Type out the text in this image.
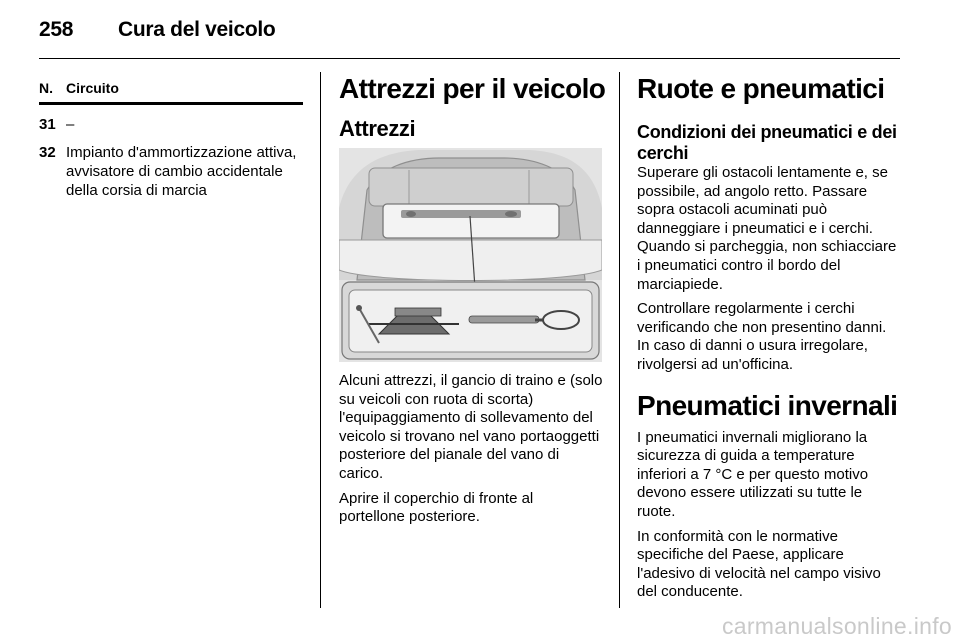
258 Cura del veicolo
N. Circuito
31 –
32 Impianto d'ammortizzazione attiva, avvisatore di cambio accidentale della corsia di marcia
Attrezzi per il veicolo
Attrezzi

Alcuni attrezzi, il gancio di traino e (solo su veicoli con ruota di scorta) l'equipaggiamento di sollevamento del veicolo si trovano nel vano portaoggetti posteriore del pianale del vano di carico.

Aprire il coperchio di fronte al portellone posteriore.

Ruote e pneumatici
Condizioni dei pneumatici e dei cerchi

Superare gli ostacoli lentamente e, se possibile, ad angolo retto. Passare sopra ostacoli acuminati può danneggiare i pneumatici e i cerchi. Quando si parcheggia, non schiacciare i pneumatici contro il bordo del marciapiede.

Controllare regolarmente i cerchi verificando che non presentino danni. In caso di danni o usura irregolare, rivolgersi ad un'officina.

Pneumatici invernali

I pneumatici invernali migliorano la sicurezza di guida a temperature inferiori a 7 °C e per questo motivo devono essere utilizzati su tutte le ruote.

In conformità con le normative specifiche del Paese, applicare l'adesivo di velocità nel campo visivo del conducente.

carmanualsonline.info
